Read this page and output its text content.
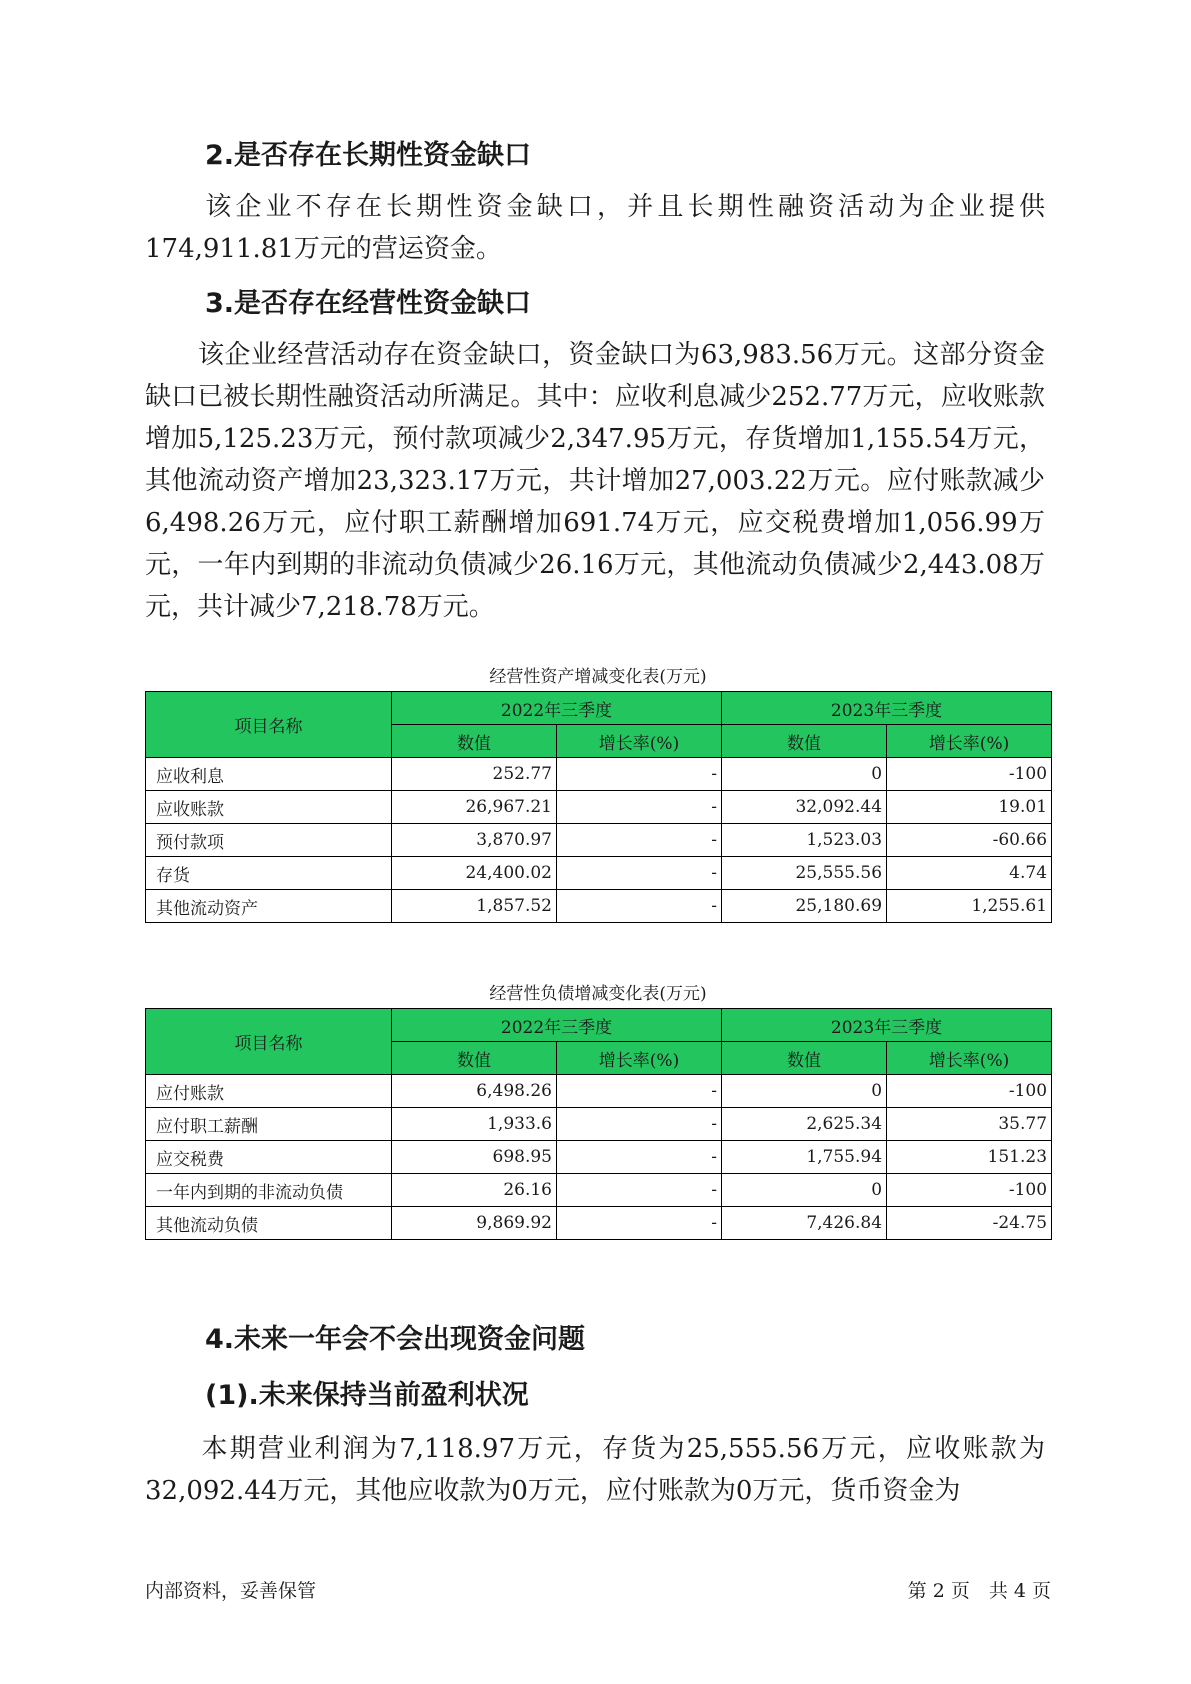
2.是否存在长期性资金缺口

　　该企业不存在长期性资金缺口，并且长期性融资活动为企业提供174,911.81万元的营运资金。

3.是否存在经营性资金缺口

　　该企业经营活动存在资金缺口，资金缺口为63,983.56万元。这部分资金缺口已被长期性融资活动所满足。其中：应收利息减少252.77万元，应收账款增加5,125.23万元，预付款项减少2,347.95万元，存货增加1,155.54万元，其他流动资产增加23,323.17万元，共计增加27,003.22万元。应付账款减少6,498.26万元，应付职工薪酬增加691.74万元，应交税费增加1,056.99万元，一年内到期的非流动负债减少26.16万元，其他流动负债减少2,443.08万元，共计减少7,218.78万元。

经营性资产增减变化表(万元)
项目名称	2022年三季度		2023年三季度	
	数值	增长率(%)	数值	增长率(%)
应收利息	252.77	-	0	-100
应收账款	26,967.21	-	32,092.44	19.01
预付款项	3,870.97	-	1,523.03	-60.66
存货	24,400.02	-	25,555.56	4.74
其他流动资产	1,857.52	-	25,180.69	1,255.61
经营性负债增减变化表(万元)
项目名称	2022年三季度		2023年三季度	
	数值	增长率(%)	数值	增长率(%)
应付账款	6,498.26	-	0	-100
应付职工薪酬	1,933.6	-	2,625.34	35.77
应交税费	698.95	-	1,755.94	151.23
一年内到期的非流动负债	26.16	-	0	-100
其他流动负债	9,869.92	-	7,426.84	-24.75
4.未来一年会不会出现资金问题
(1).未来保持当前盈利状况

　　本期营业利润为7,118.97万元，存货为25,555.56万元，应收账款为32,092.44万元，其他应收款为0万元，应付账款为0万元，货币资金为

内部资料，妥善保管	第 2 页　共 4 页
